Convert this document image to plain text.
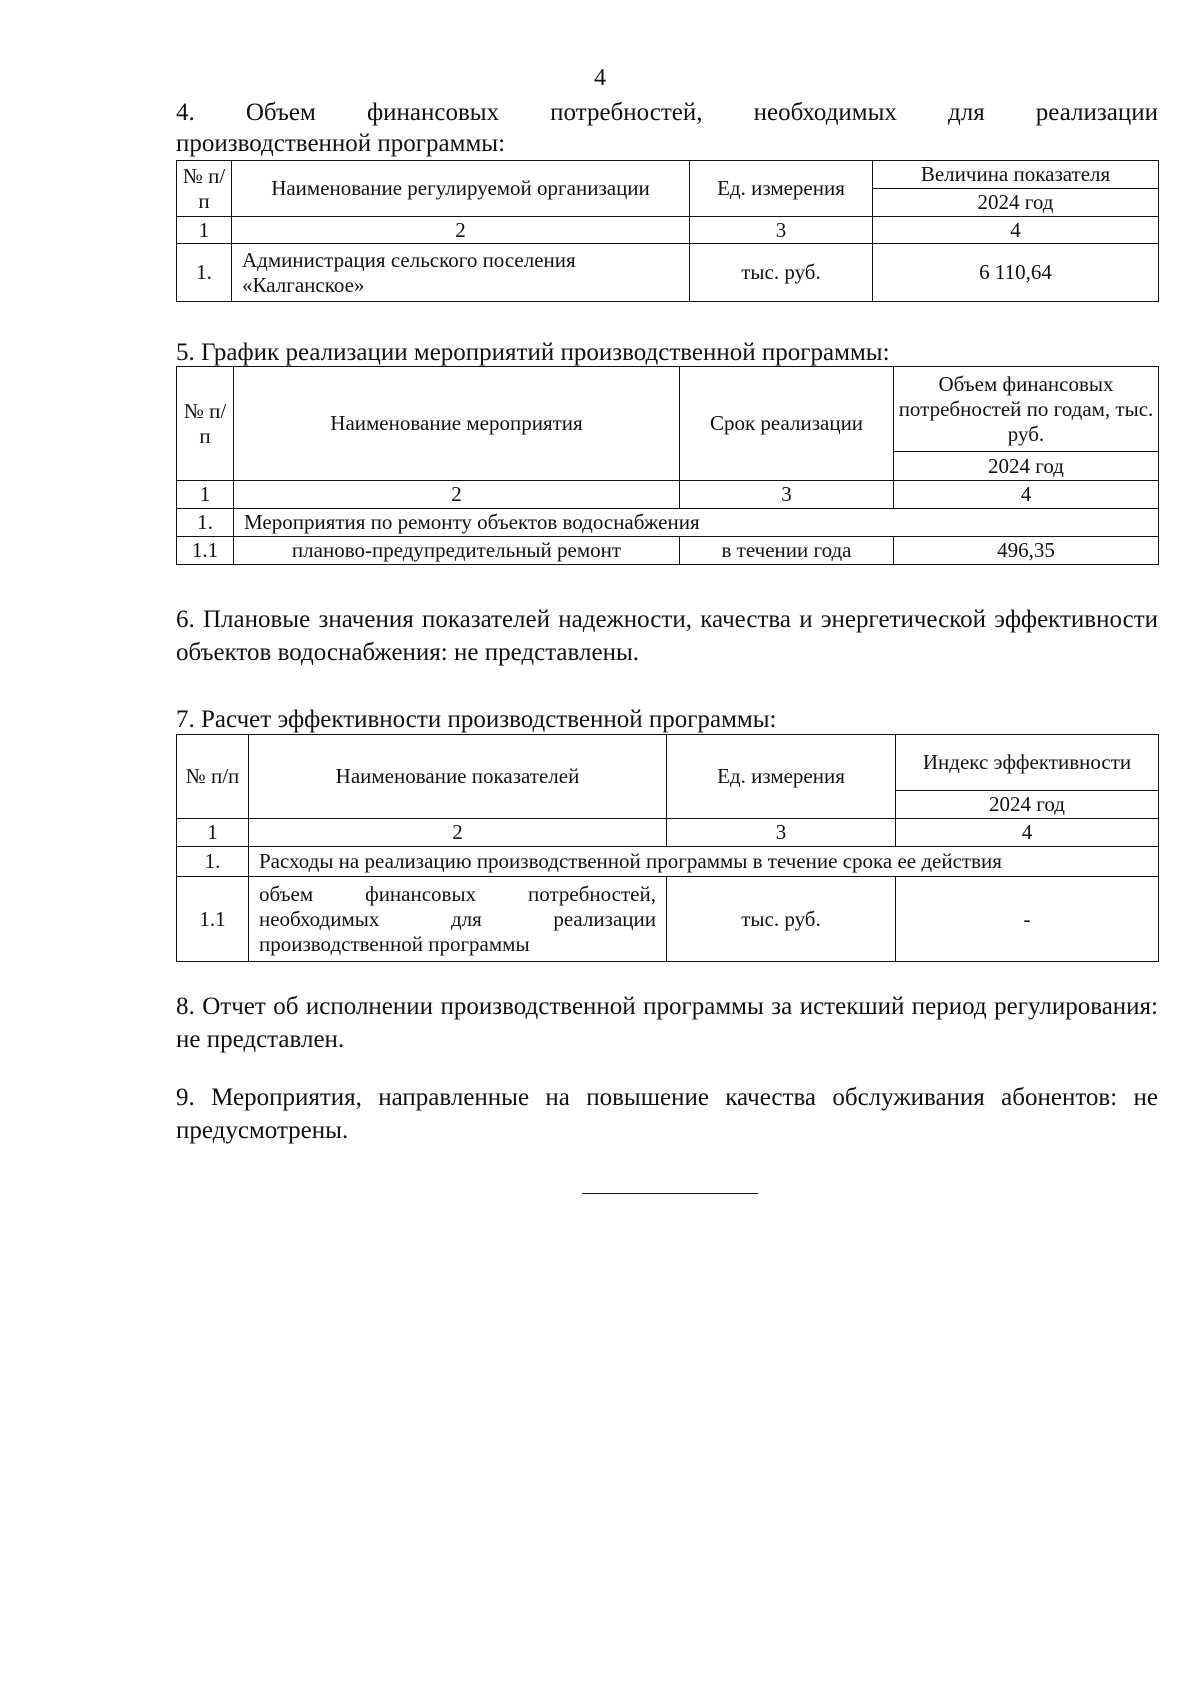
4
4. Объем финансовых потребностей, необходимых для реализации
производственной программы:
№ п/п	Наименование регулируемой организации	Ед. измерения	Величина показателя
			2024 год
1	2	3	4
1.	Администрация сельского поселения «Калганское»	тыс. руб.	6 110,64
5. График реализации мероприятий производственной программы:
№ п/п	Наименование мероприятия	Срок реализации	Объем финансовых потребностей по годам, тыс. руб.
			2024 год
1	2	3	4
1.	Мероприятия по ремонту объектов водоснабжения		
1.1	планово-предупредительный ремонт	в течении года	496,35
6. Плановые значения показателей надежности, качества и энергетической эффективности объектов водоснабжения: не представлены.
7. Расчет эффективности производственной программы:
№ п/п	Наименование показателей	Ед. измерения	Индекс эффективности
			2024 год
1	2	3	4
1.	Расходы на реализацию производственной программы в течение срока ее действия		
1.1	объем финансовых потребностей,
необходимых для реализации
производственной программы	тыс. руб.	-
8. Отчет об исполнении производственной программы за истекший период регулирования: не представлен.
9. Мероприятия, направленные на повышение качества обслуживания абонентов: не предусмотрены.
